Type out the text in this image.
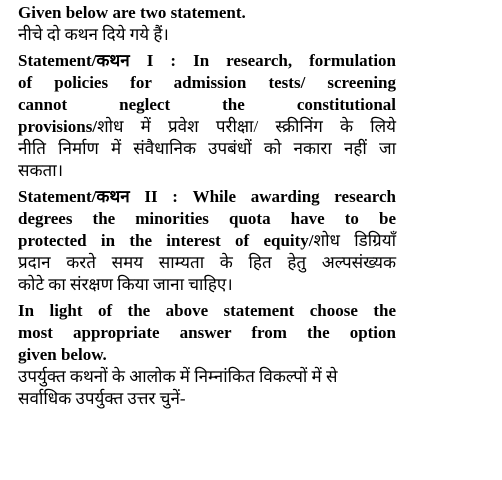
Given below are two statement.
नीचे दो कथन दिये गये हैं।
Statement/कथन I : In research, formulation
of policies for admission tests/ screening
cannot neglect the constitutional
provisions/शोध में प्रवेश परीक्षा/ स्क्रीनिंग के लिये
नीति निर्माण में संवैधानिक उपबंधों को नकारा नहीं जा
सकता।
Statement/कथन II : While awarding research
degrees the minorities quota have to be
protected in the interest of equity/शोध डिग्रियाँ
प्रदान करते समय साम्यता के हित हेतु अल्पसंख्यक
कोटे का संरक्षण किया जाना चाहिए।
In light of the above statement choose the
most appropriate answer from the option
given below.
उपर्युक्त कथनों के आलोक में निम्नांकित विकल्पों में से
सर्वाधिक उपर्युक्त उत्तर चुनें-
